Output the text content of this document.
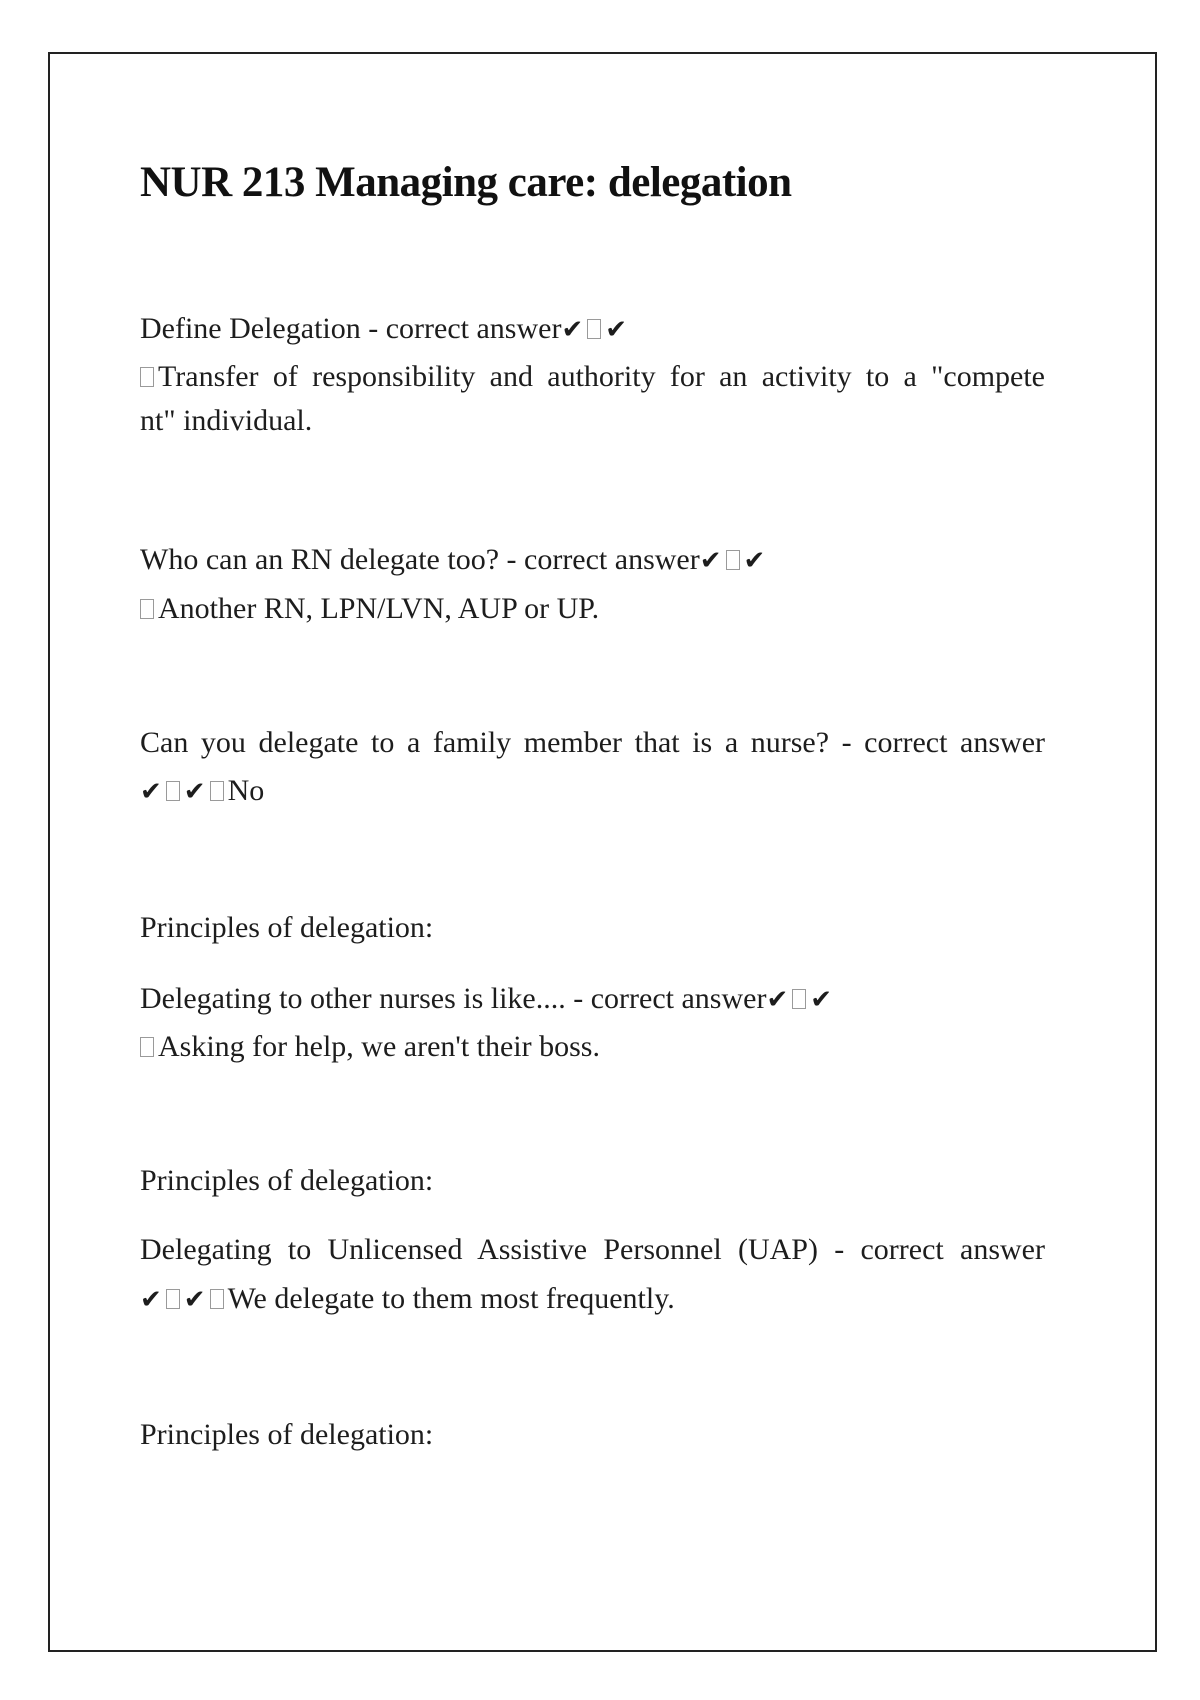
NUR 213 Managing care: delegation
Define Delegation - correct answer✔ ✔
Transfer of responsibility and authority for an activity to a "compete
nt" individual.
Who can an RN delegate too? - correct answer✔ ✔
Another RN, LPN/LVN, AUP or UP.
Can you delegate to a family member that is a nurse? - correct answer
✔ ✔ No
Principles of delegation:
Delegating to other nurses is like.... - correct answer✔ ✔
Asking for help, we aren't their boss.
Principles of delegation:
Delegating to Unlicensed Assistive Personnel (UAP) - correct answer
✔ ✔ We delegate to them most frequently.
Principles of delegation:
